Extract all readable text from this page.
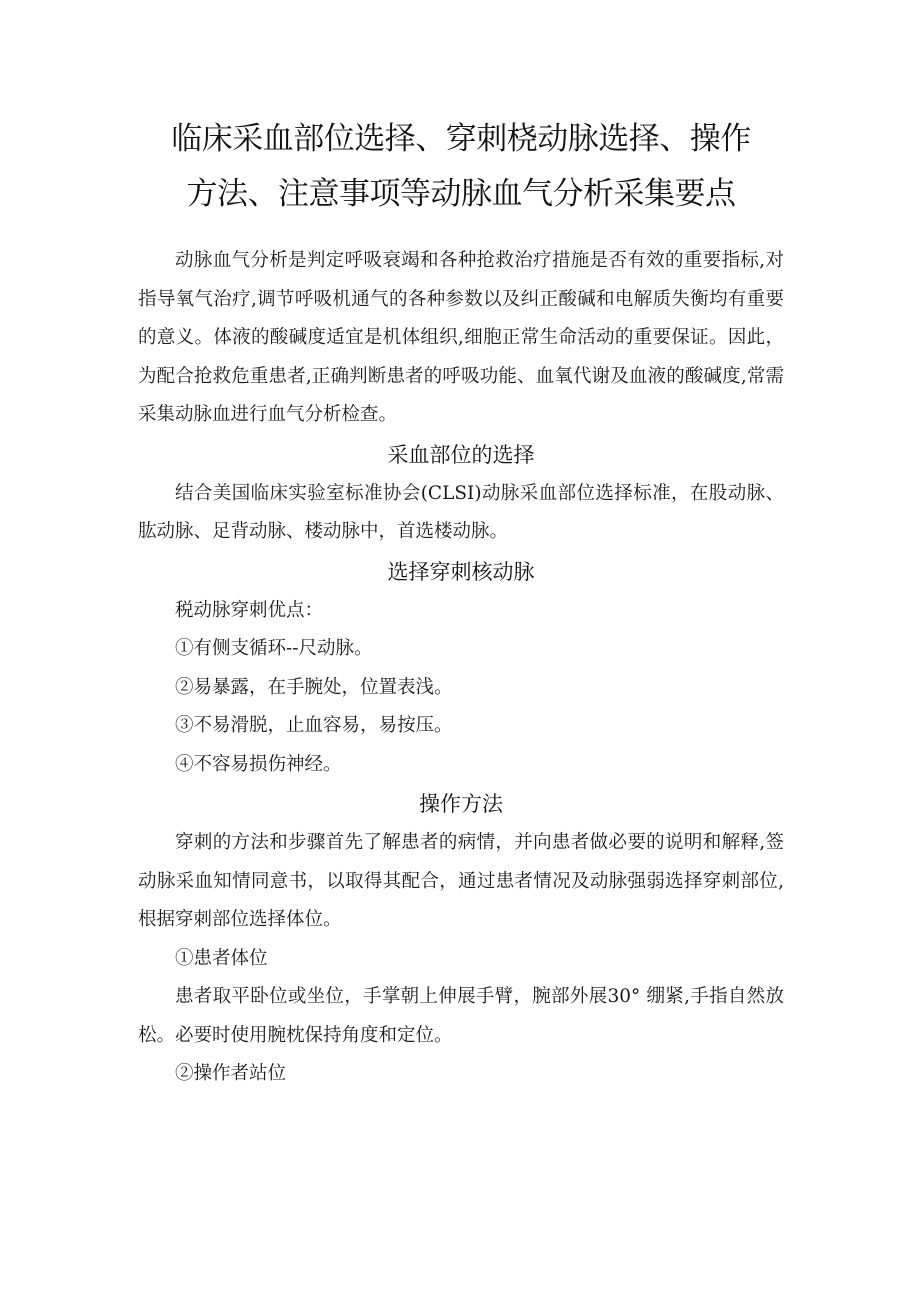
临床采血部位选择、穿刺桡动脉选择、操作
方法、注意事项等动脉血气分析采集要点

动脉血气分析是判定呼吸衰竭和各种抢救治疗措施是否有效的重要指标,对指导氧气治疗,调节呼吸机通气的各种参数以及纠正酸碱和电解质失衡均有重要的意义。体液的酸碱度适宜是机体组织,细胞正常生命活动的重要保证。因此，为配合抢救危重患者,正确判断患者的呼吸功能、血氧代谢及血液的酸碱度,常需采集动脉血进行血气分析检查。

采血部位的选择

结合美国临床实验室标准协会(CLSI)动脉采血部位选择标准，在股动脉、肱动脉、足背动脉、楼动脉中，首选楼动脉。

选择穿刺核动脉

税动脉穿刺优点：

①有侧支循环--尺动脉。

②易暴露，在手腕处，位置表浅。

③不易滑脱，止血容易，易按压。

④不容易损伤神经。

操作方法

穿刺的方法和步骤首先了解患者的病情，并向患者做必要的说明和解释,签动脉采血知情同意书，以取得其配合，通过患者情况及动脉强弱选择穿刺部位,根据穿刺部位选择体位。

①患者体位

患者取平卧位或坐位，手掌朝上伸展手臂，腕部外展30° 绷紧,手指自然放松。必要时使用腕枕保持角度和定位。

②操作者站位
